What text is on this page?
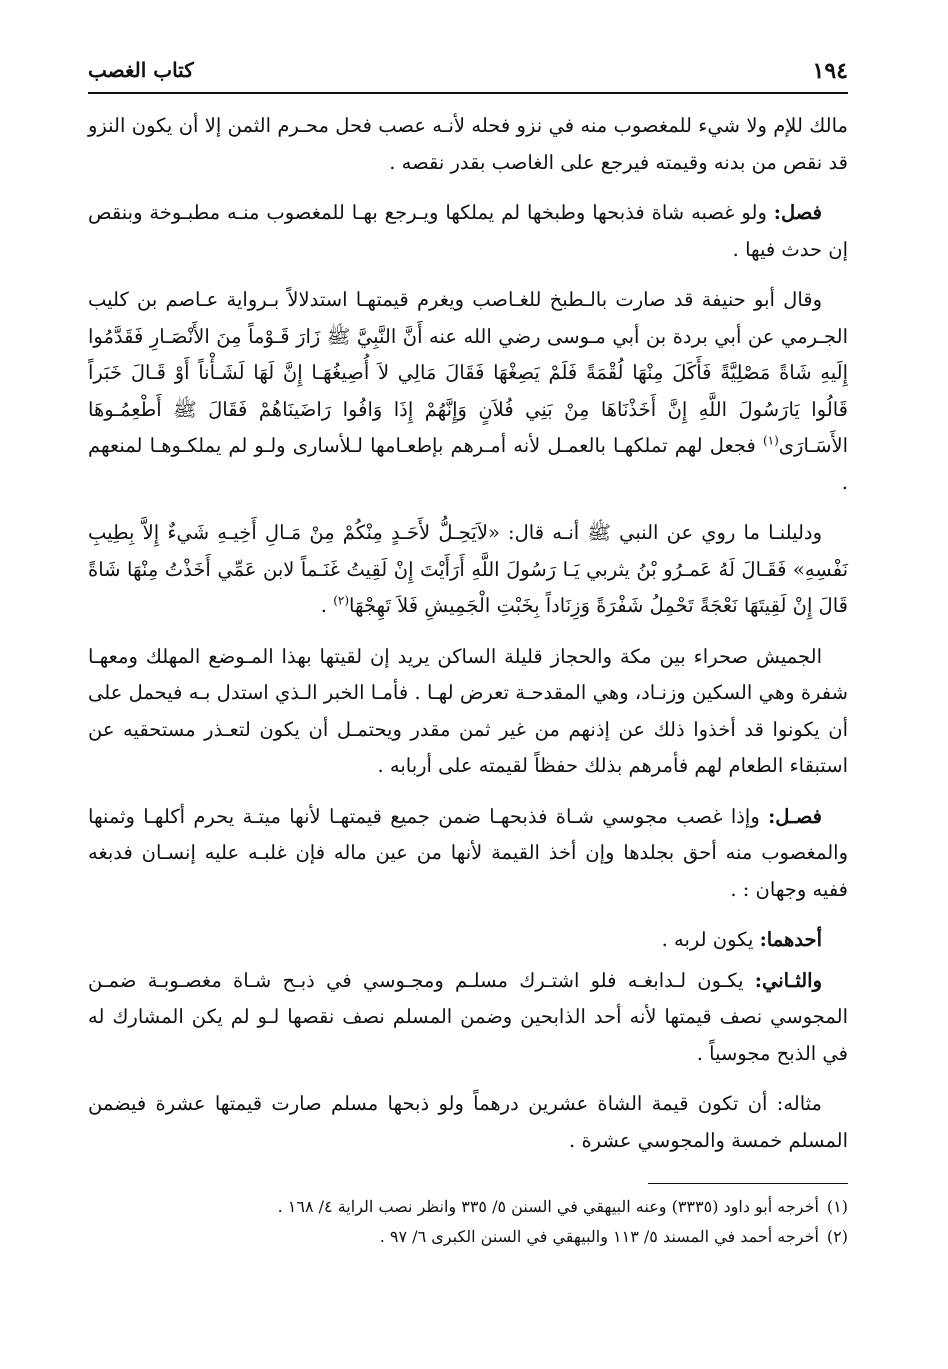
١٩٤
كتاب الغصب

مالك للإم ولا شيء للمغصوب منه في نزو فحله لأنـه عصب فحل محـرم الثمن إلا أن يكون النزو قد نقص من بدنه وقيمته فيرجع على الغاصب بقدر نقصه .

فصل: ولو غصبه شاة فذبحها وطبخها لم يملكها ويـرجع بهـا للمغصوب منـه مطبـوخة وبنقص إن حدث فيها .

وقال أبو حنيفة قد صارت بالـطبخ للغـاصب ويغرم قيمتهـا استدلالاً بـرواية عـاصم بن كليب الجـرمي عن أبي بردة بن أبي مـوسى رضي الله عنه أَنَّ النَّبِيَّ ﷺ زَارَ قَـوْماً مِنَ الأَنْصَـارِ فَقَدَّمُوا إِلَيهِ شَاةً مَصْلِيَّةً فَأَكَلَ مِنْهَا لُقْمَةً فَلَمْ يَصِغْهَا فَقَالَ مَالِي لاَ أُصِيغُهَـا إِنَّ لَهَا لَشَـأْناً أَوْ قَـالَ خَبَراً قَالُوا يَارَسُولَ اللَّهِ إِنَّ أَخَذْنَاهَا مِنْ بَنِي فُلاَنٍ وَإِنَّهُمْ إِذَا وَافُوا رَاضَينَاهُمْ فَقَالَ ﷺ أَطْعِمُـوهَا الأَسَـارَى$^{(١)}$ فجعل لهم تملكهـا بالعمـل لأنه أمـرهم بإطعـامها لـلأسارى ولـو لم يملكـوهـا لمنعهم .

ودليلنـا ما روي عن النبي ﷺ أنـه قال: «لاَيَحِـلُّ لأَحَـدٍ مِنْكُمْ مِنْ مَـالِ أَخِيـهِ شَيءٌ إِلاَّ بِطِيبِ نَفْسِهِ» فَقَـالَ لَهُ عَمـرُو بْنُ يثربي يَـا رَسُولَ اللَّهِ أَرَأَيْتَ إِنْ لَقِيتُ غَنَـماً لابن عَمِّي أَخَذْتُ مِنْهَا شَاةً قَالَ إِنْ لَقِيتَهَا نَعْجَةً تَحْمِلُ شَفْرَةً وَزِنَاداً بِخَبْتِ الْجَمِيشِ فَلاَ تَهِجْهَا$^{(٢)}$ .

الجميش صحراء بين مكة والحجاز قليلة الساكن يريد إن لقيتها بهذا المـوضع المهلك ومعهـا شفرة وهي السكين وزنـاد، وهي المقدحـة تعرض لهـا . فأمـا الخبر الـذي استدل بـه فيحمل على أن يكونوا قد أخذوا ذلك عن إذنهم من غير ثمن مقدر ويحتمـل أن يكون لتعـذر مستحقيه عن استبقاء الطعام لهم فأمرهم بذلك حفظاً لقيمته على أربابه .

فصـل: وإذا غصب مجوسي شـاة فذبحهـا ضمن جميع قيمتهـا لأنها ميتـة يحرم أكلهـا وثمنها والمغصوب منه أحق بجلدها وإن أخذ القيمة لأنها من عين ماله فإن غلبـه عليه إنسـان فدبغه ففيه وجهان : .

أحدهما: يكون لربه .

والثـاني: يكـون لـدابغـه فلو اشتـرك مسلـم ومجـوسي في ذبـح شـاة مغصـوبـة ضمـن المجوسي نصف قيمتها لأنه أحد الذابحين وضمن المسلم نصف نقصها لـو لم يكن المشارك له في الذبح مجوسياً .

مثاله: أن تكون قيمة الشاة عشرين درهماً ولو ذبحها مسلم صارت قيمتها عشرة فيضمن المسلم خمسة والمجوسي عشرة .

(١)أخرجه أبو داود (٣٣٣٥) وعنه البيهقي في السنن ٥/ ٣٣٥ وانظر نصب الراية ٤/ ١٦٨ .

(٢)أخرجه أحمد في المسند ٥/ ١١٣ والبيهقي في السنن الكبرى ٦/ ٩٧ .
